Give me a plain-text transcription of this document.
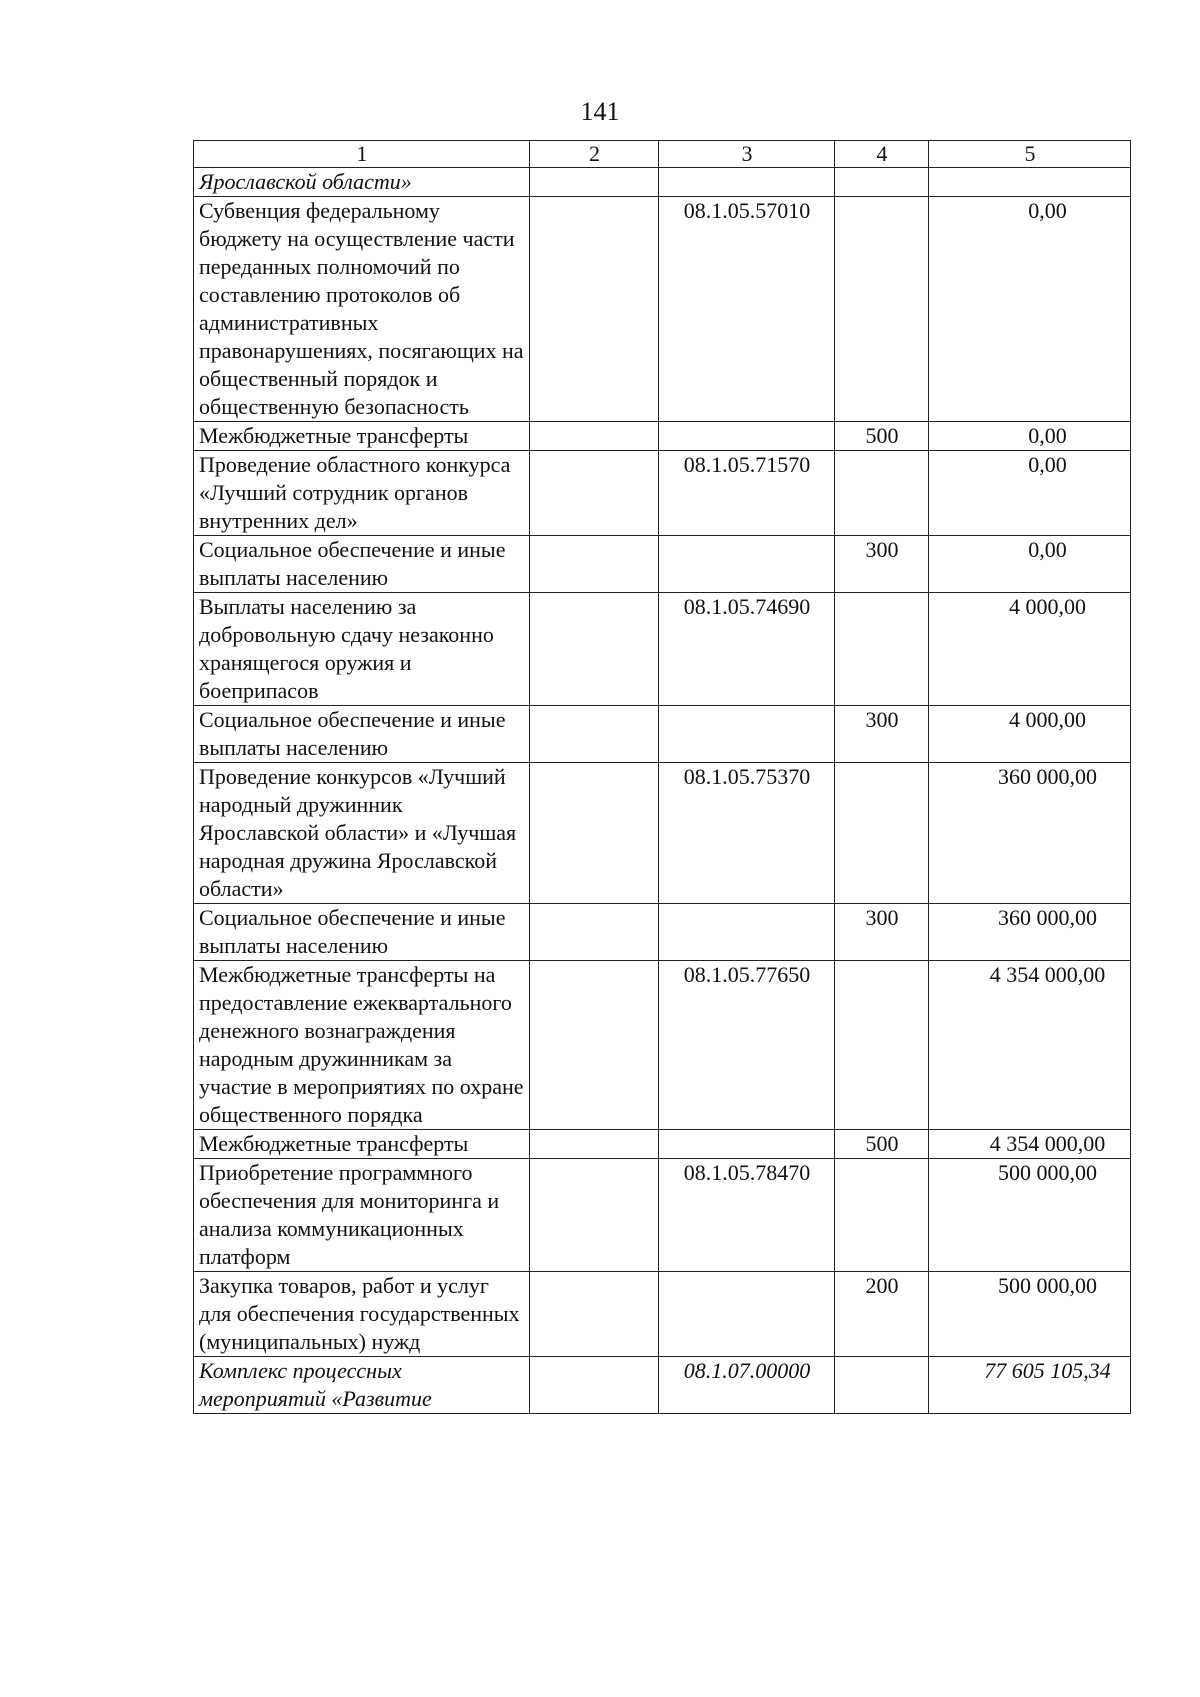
141
1	2	3	4	5
Ярославской области»				
Субвенция федеральному бюджету на осуществление части переданных полномочий по составлению протоколов об административных правонарушениях, посягающих на общественный порядок и общественную безопасность		08.1.05.57010		0,00
Межбюджетные трансферты			500	0,00
Проведение областного конкурса «Лучший сотрудник органов внутренних дел»		08.1.05.71570		0,00
Социальное обеспечение и иные выплаты населению			300	0,00
Выплаты населению за добровольную сдачу незаконно хранящегося оружия и боеприпасов		08.1.05.74690		4 000,00
Социальное обеспечение и иные выплаты населению			300	4 000,00
Проведение конкурсов «Лучший народный дружинник Ярославской области» и «Лучшая народная дружина Ярославской области»		08.1.05.75370		360 000,00
Социальное обеспечение и иные выплаты населению			300	360 000,00
Межбюджетные трансферты на предоставление ежеквартального денежного вознаграждения народным дружинникам за участие в мероприятиях по охране общественного порядка		08.1.05.77650		4 354 000,00
Межбюджетные трансферты			500	4 354 000,00
Приобретение программного обеспечения для мониторинга и анализа коммуникационных платформ		08.1.05.78470		500 000,00
Закупка товаров, работ и услуг для обеспечения государственных (муниципальных) нужд			200	500 000,00
Комплекс процессных мероприятий «Развитие		08.1.07.00000		77 605 105,34
